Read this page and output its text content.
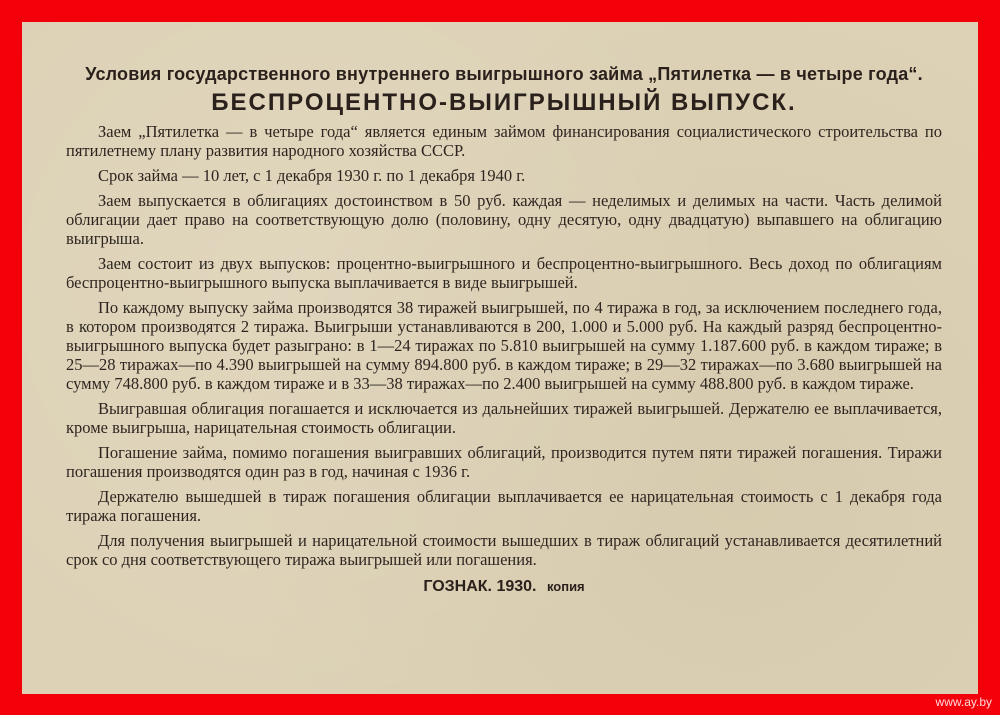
Условия государственного внутреннего выигрышного займа „Пятилетка — в четыре года“.
БЕСПРОЦЕНТНО-ВЫИГРЫШНЫЙ ВЫПУСК.

Заем „Пятилетка — в четыре года“ является единым займом финансирования социалистического строительства по пятилетнему плану развития народного хозяйства СССР.

Срок займа — 10 лет, с 1 декабря 1930 г. по 1 декабря 1940 г.

Заем выпускается в облигациях достоинством в 50 руб. каждая — неделимых и делимых на части. Часть делимой облигации дает право на соответствующую долю (половину, одну десятую, одну двадцатую) выпавшего на облигацию выигрыша.

Заем состоит из двух выпусков: процентно-выигрышного и беспроцентно-выигрышного. Весь доход по облигациям беспроцентно-выигрышного выпуска выплачивается в виде выигрышей.

По каждому выпуску займа производятся 38 тиражей выигрышей, по 4 тиража в год, за исключением последнего года, в котором производятся 2 тиража. Выигрыши устанавливаются в 200, 1.000 и 5.000 руб. На каждый разряд беспроцентно-выигрышного выпуска будет разыграно: в 1—24 тиражах по 5.810 выигрышей на сумму 1.187.600 руб. в каждом тираже; в 25—28 тиражах—по 4.390 выигрышей на сумму 894.800 руб. в каждом тираже; в 29—32 тиражах—по 3.680 выигрышей на сумму 748.800 руб. в каждом тираже и в 33—38 тиражах—по 2.400 выигрышей на сумму 488.800 руб. в каждом тираже.

Выигравшая облигация погашается и исключается из дальнейших тиражей выигрышей. Держателю ее выплачивается, кроме выигрыша, нарицательная стоимость облигации.

Погашение займа, помимо погашения выигравших облигаций, производится путем пяти тиражей погашения. Тиражи погашения производятся один раз в год, начиная с 1936 г.

Держателю вышедшей в тираж погашения облигации выплачивается ее нарицательная стоимость с 1 декабря года тиража погашения.

Для получения выигрышей и нарицательной стоимости вышедших в тираж облигаций устанавливается десятилетний срок со дня соответствующего тиража выигрышей или погашения.

ГОЗНАК. 1930. копия
www.ay.by
